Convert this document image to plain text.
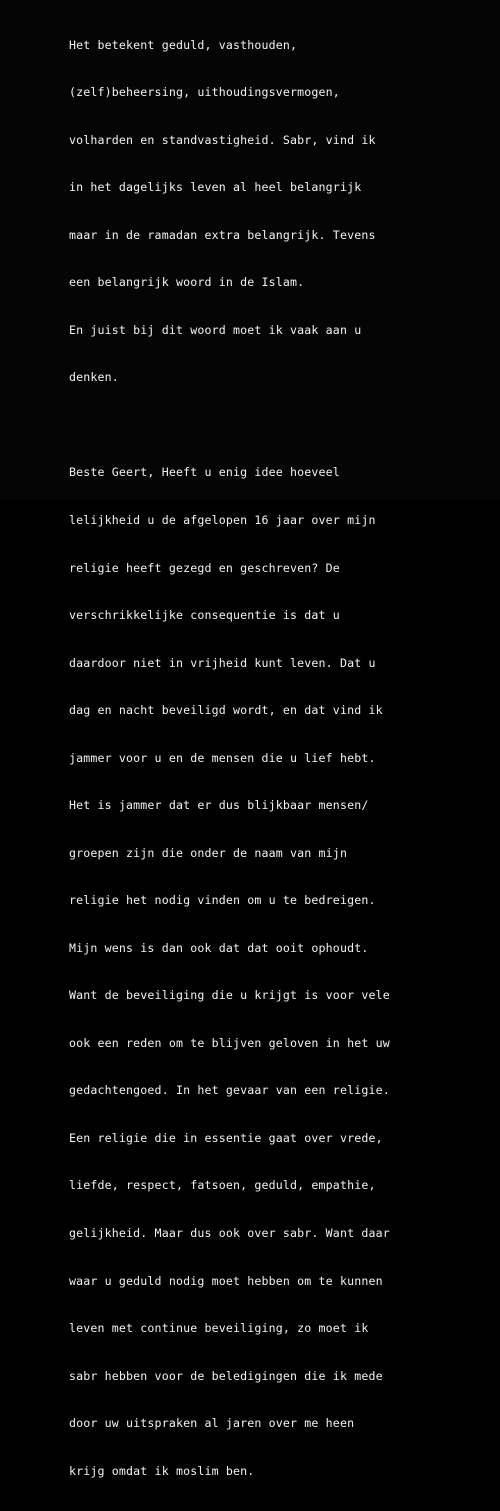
Het betekent geduld, vasthouden,

(zelf)beheersing, uithoudingsvermogen,

volharden en standvastigheid. Sabr, vind ik

in het dagelijks leven al heel belangrijk

maar in de ramadan extra belangrijk. Tevens

een belangrijk woord in de Islam.

En juist bij dit woord moet ik vaak aan u

denken.

Beste Geert, Heeft u enig idee hoeveel

lelijkheid u de afgelopen 16 jaar over mijn

religie heeft gezegd en geschreven? De

verschrikkelijke consequentie is dat u

daardoor niet in vrijheid kunt leven. Dat u

dag en nacht beveiligd wordt, en dat vind ik

jammer voor u en de mensen die u lief hebt.

Het is jammer dat er dus blijkbaar mensen/

groepen zijn die onder de naam van mijn

religie het nodig vinden om u te bedreigen.

Mijn wens is dan ook dat dat ooit ophoudt.

Want de beveiliging die u krijgt is voor vele

ook een reden om te blijven geloven in het uw

gedachtengoed. In het gevaar van een religie.

Een religie die in essentie gaat over vrede,

liefde, respect, fatsoen, geduld, empathie,

gelijkheid. Maar dus ook over sabr. Want daar

waar u geduld nodig moet hebben om te kunnen

leven met continue beveiliging, zo moet ik

sabr hebben voor de beledigingen die ik mede

door uw uitspraken al jaren over me heen

krijg omdat ik moslim ben.
